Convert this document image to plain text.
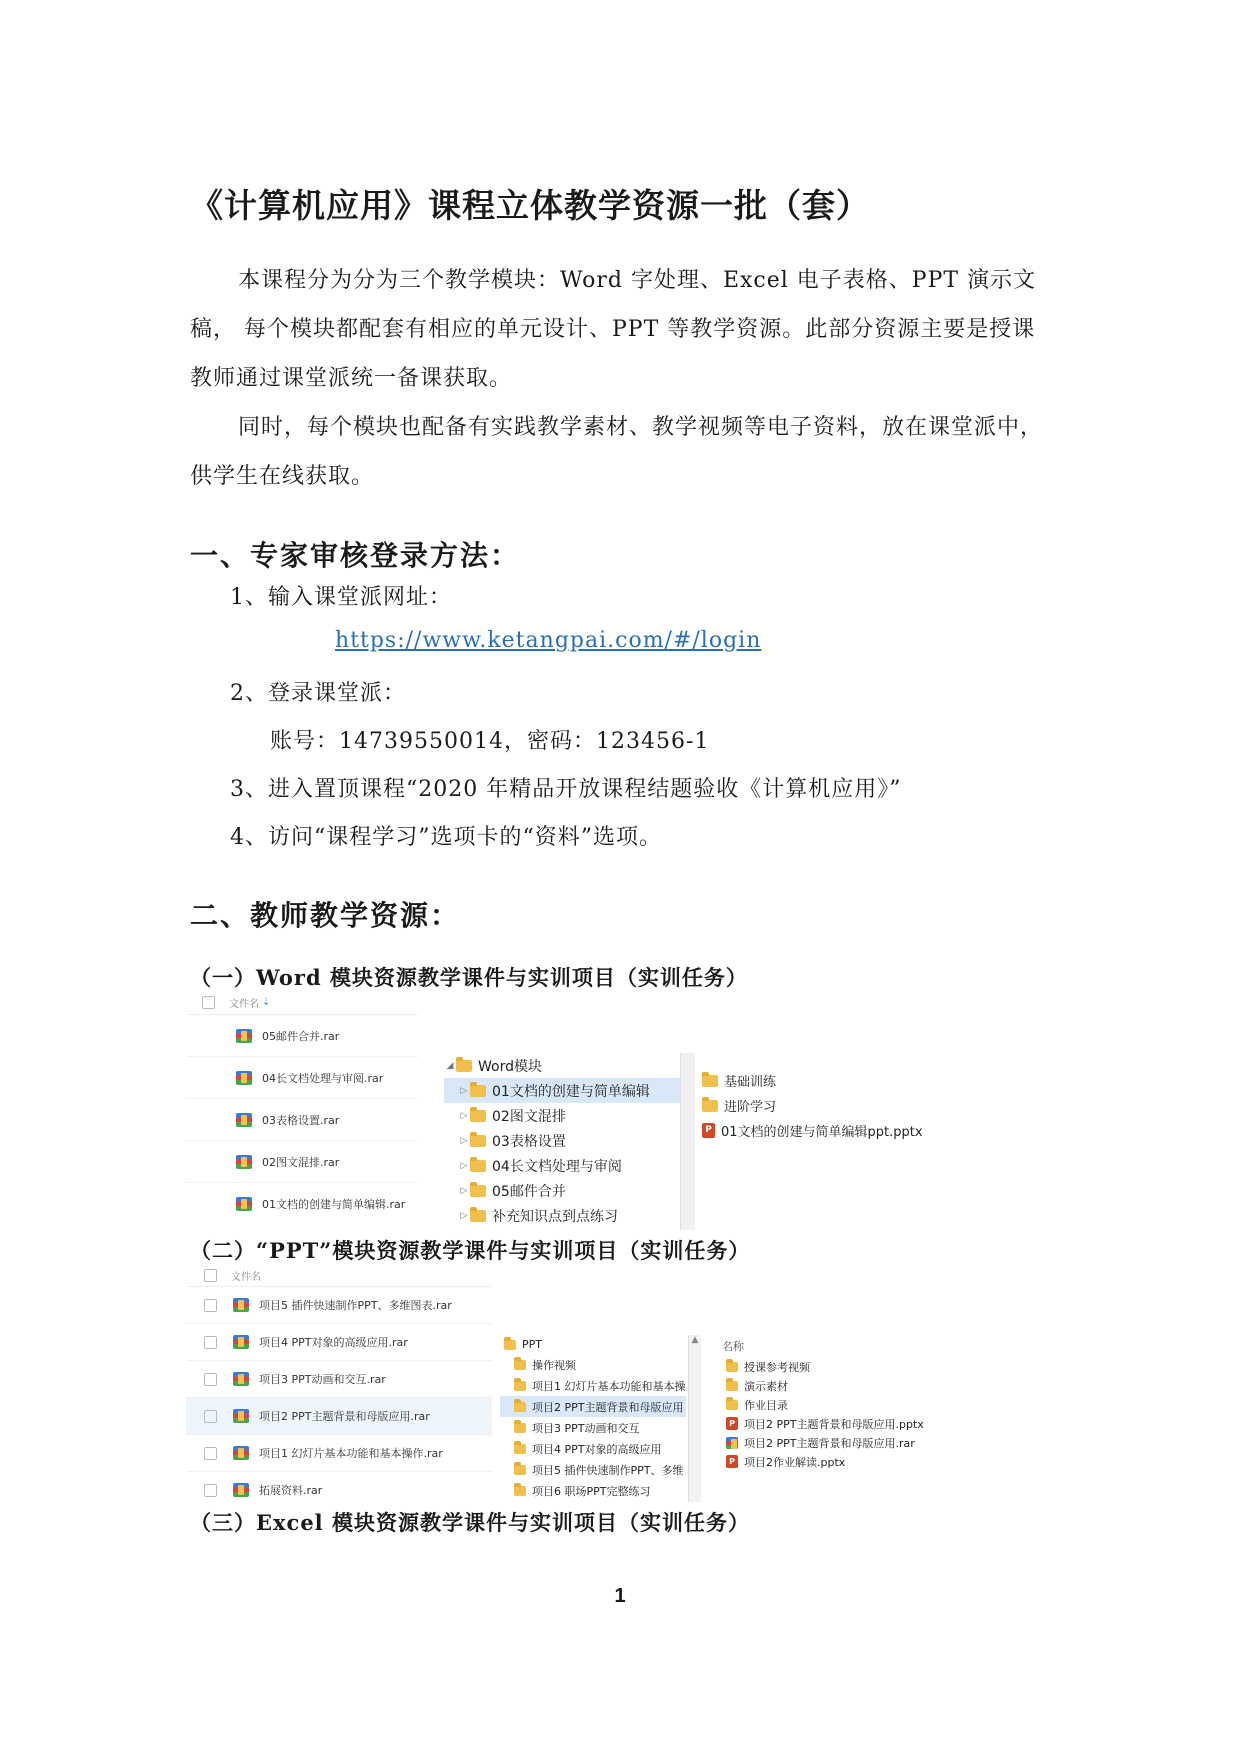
《计算机应用》课程立体教学资源一批（套）
本课程分为分为三个教学模块：Word 字处理、Excel 电子表格、PPT 演示文稿， 每个模块都配套有相应的单元设计、PPT 等教学资源。此部分资源主要是授课教师通过课堂派统一备课获取。
同时，每个模块也配备有实践教学素材、教学视频等电子资料，放在课堂派中，供学生在线获取。
一、专家审核登录方法：
1、输入课堂派网址：
https://www.ketangpai.com/#/login
2、登录课堂派：
账号：14739550014，密码：123456-1
3、进入置顶课程“2020 年精品开放课程结题验收《计算机应用》”
4、访问“课程学习”选项卡的“资料”选项。
二、教师教学资源：
（一）Word 模块资源教学课件与实训项目（实训任务）
文件名 ⇣
05邮件合并.rar
04长文档处理与审阅.rar
03表格设置.rar
02图文混排.rar
01文档的创建与简单编辑.rar
◢ Word模块
▷ 01文档的创建与简单编辑
▷ 02图文混排
▷ 03表格设置
▷ 04长文档处理与审阅
▷ 05邮件合并
▷ 补充知识点到点练习
基础训练
进阶学习
P 01文档的创建与简单编辑ppt.pptx
（二）“PPT”模块资源教学课件与实训项目（实训任务）
文件名
项目5 插件快速制作PPT、多维图表.rar
项目4 PPT对象的高级应用.rar
项目3 PPT动画和交互.rar
项目2 PPT主题背景和母版应用.rar
项目1 幻灯片基本功能和基本操作.rar
拓展资料.rar
PPT
操作视频
项目1 幻灯片基本功能和基本操
项目2 PPT主题背景和母版应用
项目3 PPT动画和交互
项目4 PPT对象的高级应用
项目5 插件快速制作PPT、多维
项目6 职场PPT完整练习
▲ 名称
授课参考视频
演示素材
作业目录
P 项目2 PPT主题背景和母版应用.pptx
项目2 PPT主题背景和母版应用.rar
P 项目2作业解读.pptx
（三）Excel 模块资源教学课件与实训项目（实训任务）
1
